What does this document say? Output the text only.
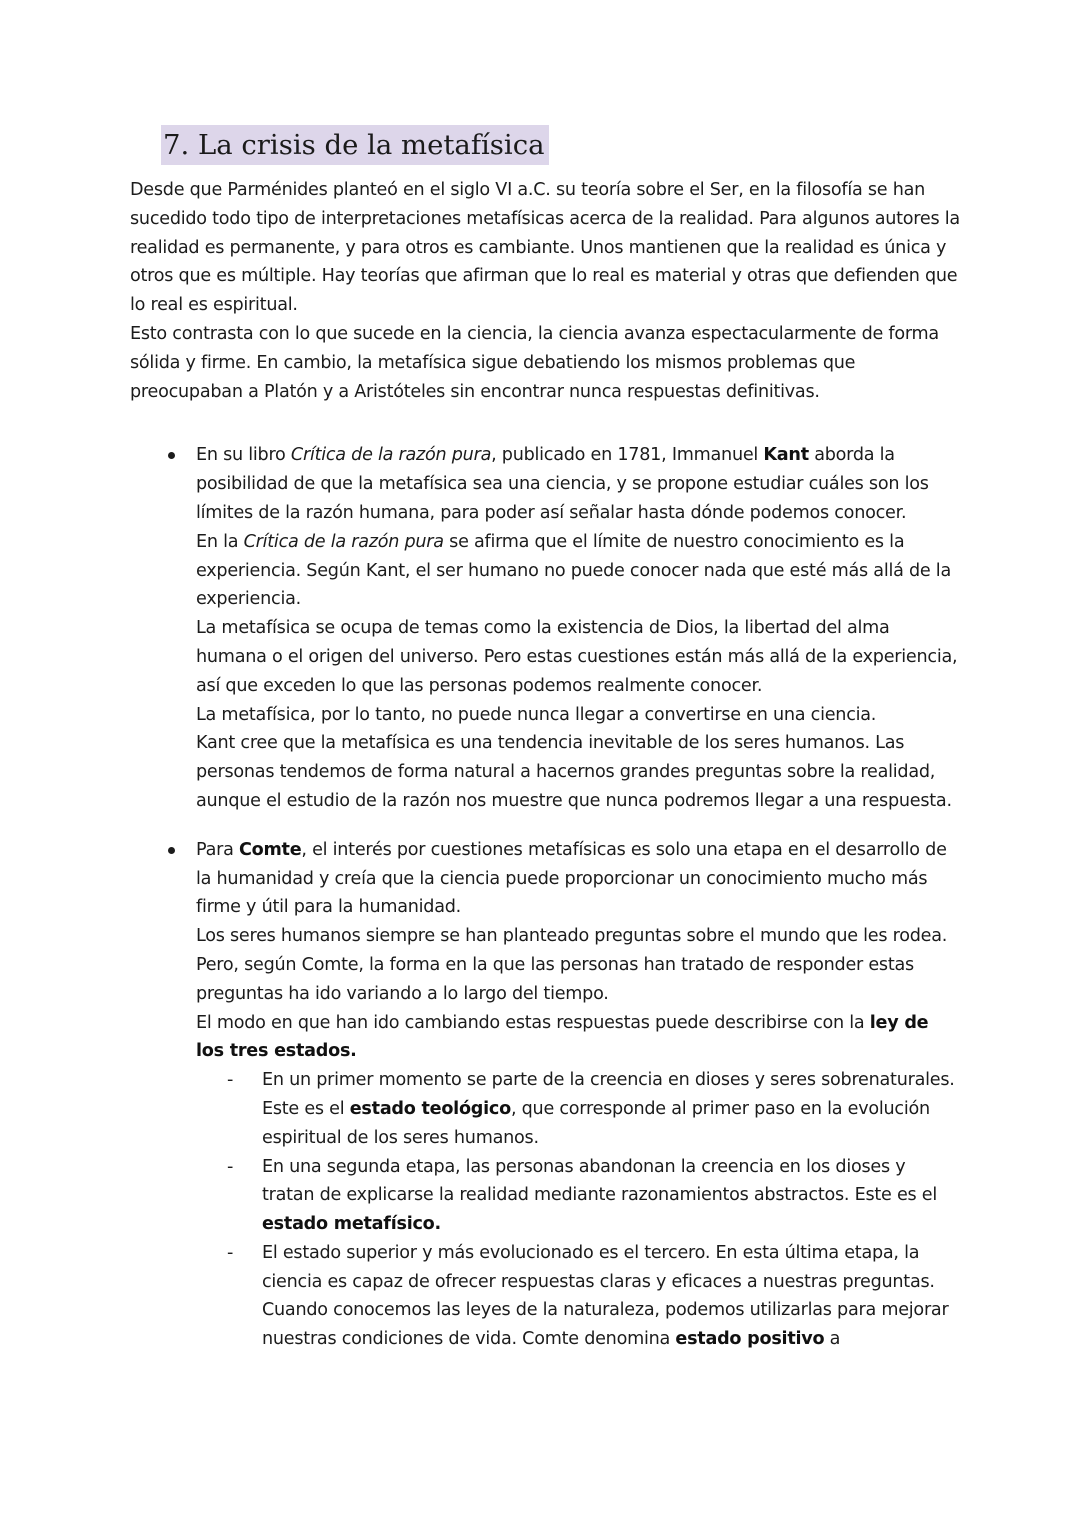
7. La crisis de la metafísica

Desde que Parménides planteó en el siglo VI a.C. su teoría sobre el Ser, en la filosofía se han sucedido todo tipo de interpretaciones metafísicas acerca de la realidad. Para algunos autores la realidad es permanente, y para otros es cambiante. Unos mantienen que la realidad es única y otros que es múltiple. Hay teorías que afirman que lo real es material y otras que defienden que lo real es espiritual.

Esto contrasta con lo que sucede en la ciencia, la ciencia avanza espectacularmente de forma sólida y firme. En cambio, la metafísica sigue debatiendo los mismos problemas que preocupaban a Platón y a Aristóteles sin encontrar nunca respuestas definitivas.

En su libro Crítica de la razón pura, publicado en 1781, Immanuel Kant aborda la posibilidad de que la metafísica sea una ciencia, y se propone estudiar cuáles son los límites de la razón humana, para poder así señalar hasta dónde podemos conocer.

En la Crítica de la razón pura se afirma que el límite de nuestro conocimiento es la experiencia. Según Kant, el ser humano no puede conocer nada que esté más allá de la experiencia.

La metafísica se ocupa de temas como la existencia de Dios, la libertad del alma humana o el origen del universo. Pero estas cuestiones están más allá de la experiencia, así que exceden lo que las personas podemos realmente conocer.

La metafísica, por lo tanto, no puede nunca llegar a convertirse en una ciencia.

Kant cree que la metafísica es una tendencia inevitable de los seres humanos. Las personas tendemos de forma natural a hacernos grandes preguntas sobre la realidad, aunque el estudio de la razón nos muestre que nunca podremos llegar a una respuesta.

Para Comte, el interés por cuestiones metafísicas es solo una etapa en el desarrollo de la humanidad y creía que la ciencia puede proporcionar un conocimiento mucho más firme y útil para la humanidad.

Los seres humanos siempre se han planteado preguntas sobre el mundo que les rodea. Pero, según Comte, la forma en la que las personas han tratado de responder estas preguntas ha ido variando a lo largo del tiempo.

El modo en que han ido cambiando estas respuestas puede describirse con la ley de los tres estados.

- En un primer momento se parte de la creencia en dioses y seres sobrenaturales. Este es el estado teológico, que corresponde al primer paso en la evolución espiritual de los seres humanos.
- En una segunda etapa, las personas abandonan la creencia en los dioses y tratan de explicarse la realidad mediante razonamientos abstractos. Este es el estado metafísico.
- El estado superior y más evolucionado es el tercero. En esta última etapa, la ciencia es capaz de ofrecer respuestas claras y eficaces a nuestras preguntas. Cuando conocemos las leyes de la naturaleza, podemos utilizarlas para mejorar nuestras condiciones de vida. Comte denomina estado positivo a
